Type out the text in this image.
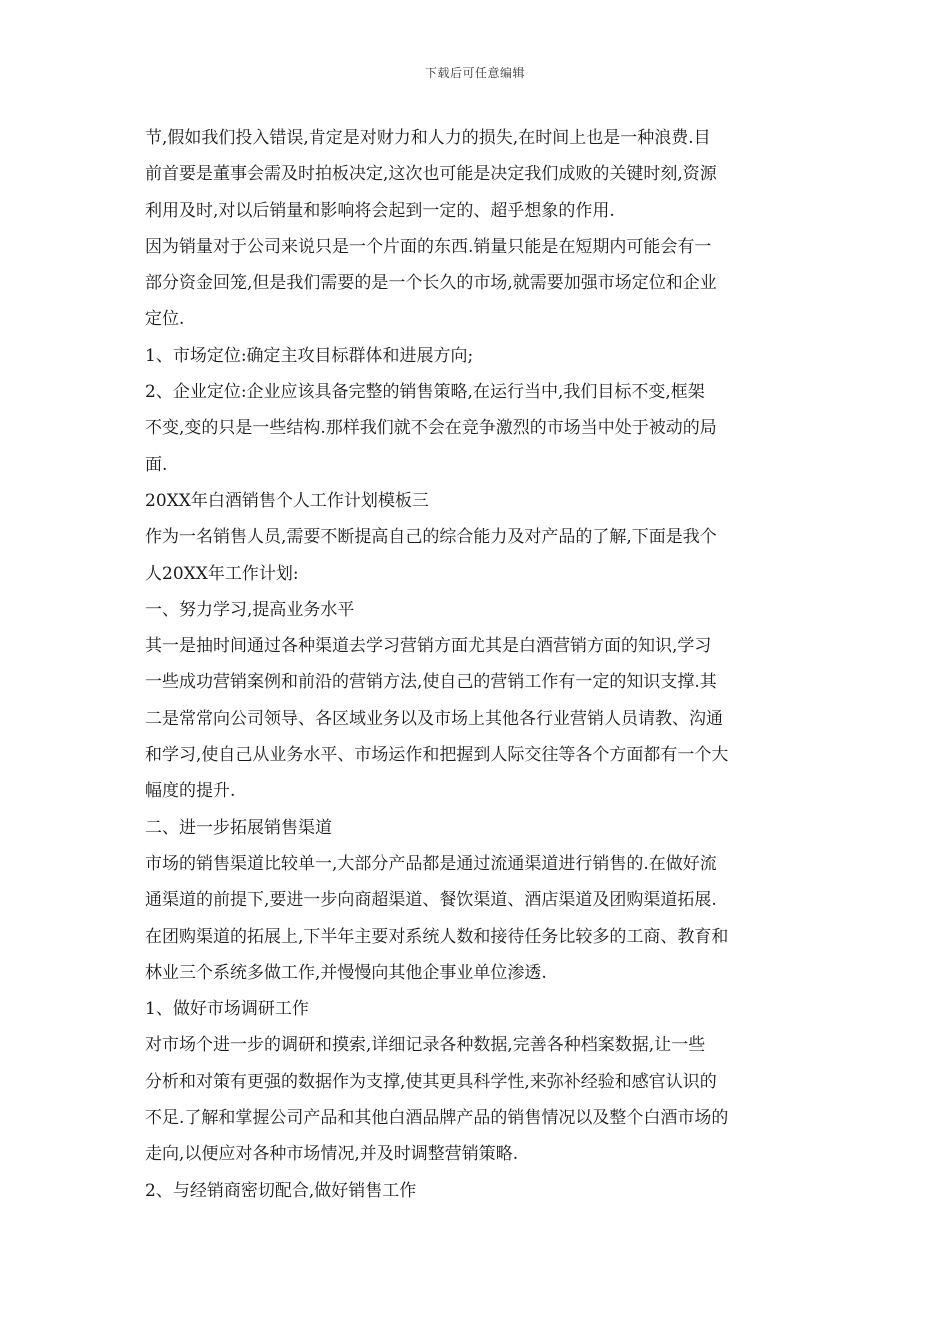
下载后可任意编辑
节,假如我们投入错误,肯定是对财力和人力的损失,在时间上也是一种浪费.目
前首要是董事会需及时拍板决定,这次也可能是决定我们成败的关键时刻,资源
利用及时,对以后销量和影响将会起到一定的、超乎想象的作用.
因为销量对于公司来说只是一个片面的东西.销量只能是在短期内可能会有一
部分资金回笼,但是我们需要的是一个长久的市场,就需要加强市场定位和企业
定位.
1、市场定位:确定主攻目标群体和进展方向;
2、企业定位:企业应该具备完整的销售策略,在运行当中,我们目标不变,框架
不变,变的只是一些结构.那样我们就不会在竞争激烈的市场当中处于被动的局
面.
20XX年白酒销售个人工作计划模板三
作为一名销售人员,需要不断提高自己的综合能力及对产品的了解,下面是我个
人20XX年工作计划:
一、努力学习,提高业务水平
其一是抽时间通过各种渠道去学习营销方面尤其是白酒营销方面的知识,学习
一些成功营销案例和前沿的营销方法,使自己的营销工作有一定的知识支撑.其
二是常常向公司领导、各区域业务以及市场上其他各行业营销人员请教、沟通
和学习,使自己从业务水平、市场运作和把握到人际交往等各个方面都有一个大
幅度的提升.
二、进一步拓展销售渠道
市场的销售渠道比较单一,大部分产品都是通过流通渠道进行销售的.在做好流
通渠道的前提下,要进一步向商超渠道、餐饮渠道、酒店渠道及团购渠道拓展.
在团购渠道的拓展上,下半年主要对系统人数和接待任务比较多的工商、教育和
林业三个系统多做工作,并慢慢向其他企事业单位渗透.
1、做好市场调研工作
对市场个进一步的调研和摸索,详细记录各种数据,完善各种档案数据,让一些
分析和对策有更强的数据作为支撑,使其更具科学性,来弥补经验和感官认识的
不足.了解和掌握公司产品和其他白酒品牌产品的销售情况以及整个白酒市场的
走向,以便应对各种市场情况,并及时调整营销策略.
2、与经销商密切配合,做好销售工作
